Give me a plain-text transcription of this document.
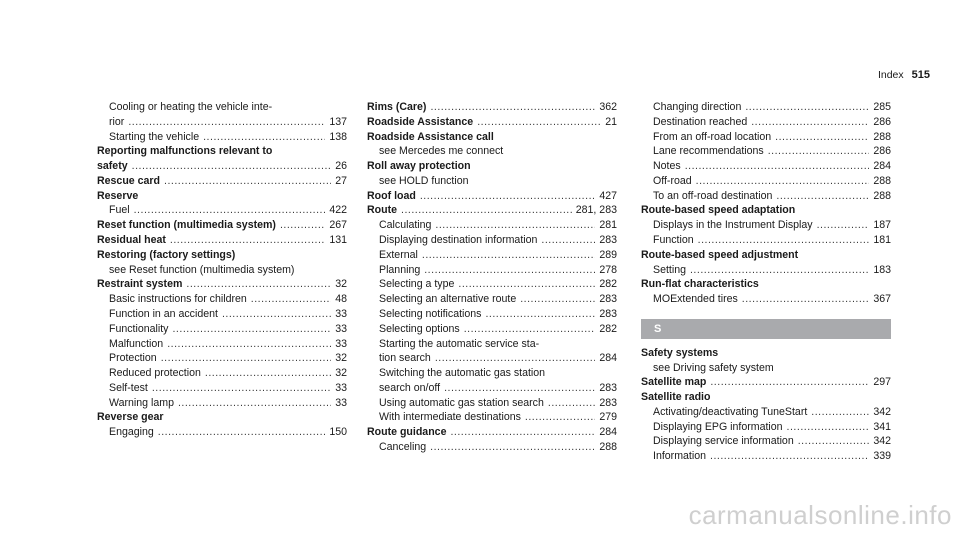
Index 515
Cooling or heating the vehicle inte-
rior .....	137
Starting the vehicle .....	138
Reporting malfunctions relevant to
safety .....	26
Rescue card .....	27
Reserve
Fuel .....	422
Reset function (multimedia system) .....	267
Residual heat .....	131
Restoring (factory settings)
see Reset function (multimedia system)
Restraint system .....	32
Basic instructions for children .....	48
Function in an accident .....	33
Functionality .....	33
Malfunction .....	33
Protection .....	32
Reduced protection .....	32
Self-test .....	33
Warning lamp .....	33
Reverse gear
Engaging .....	150
Rims (Care) .....	362
Roadside Assistance .....	21
Roadside Assistance call
see Mercedes me connect
Roll away protection
see HOLD function
Roof load .....	427
Route .....	281, 283
Calculating .....	281
Displaying destination information .....	283
External .....	289
Planning .....	278
Selecting a type .....	282
Selecting an alternative route .....	283
Selecting notifications .....	283
Selecting options .....	282
Starting the automatic service sta-
tion search .....	284
Switching the automatic gas station
search on/off .....	283
Using automatic gas station search .....	283
With intermediate destinations .....	279
Route guidance .....	284
Canceling .....	288
Changing direction .....	285
Destination reached .....	286
From an off-road location .....	288
Lane recommendations .....	286
Notes .....	284
Off-road .....	288
To an off-road destination .....	288
Route-based speed adaptation
Displays in the Instrument Display .....	187
Function .....	181
Route-based speed adjustment
Setting .....	183
Run-flat characteristics
MOExtended tires .....	367
S
Safety systems
see Driving safety system
Satellite map .....	297
Satellite radio
Activating/deactivating TuneStart .....	342
Displaying EPG information .....	341
Displaying service information .....	342
Information .....	339
carmanualsonline.info
